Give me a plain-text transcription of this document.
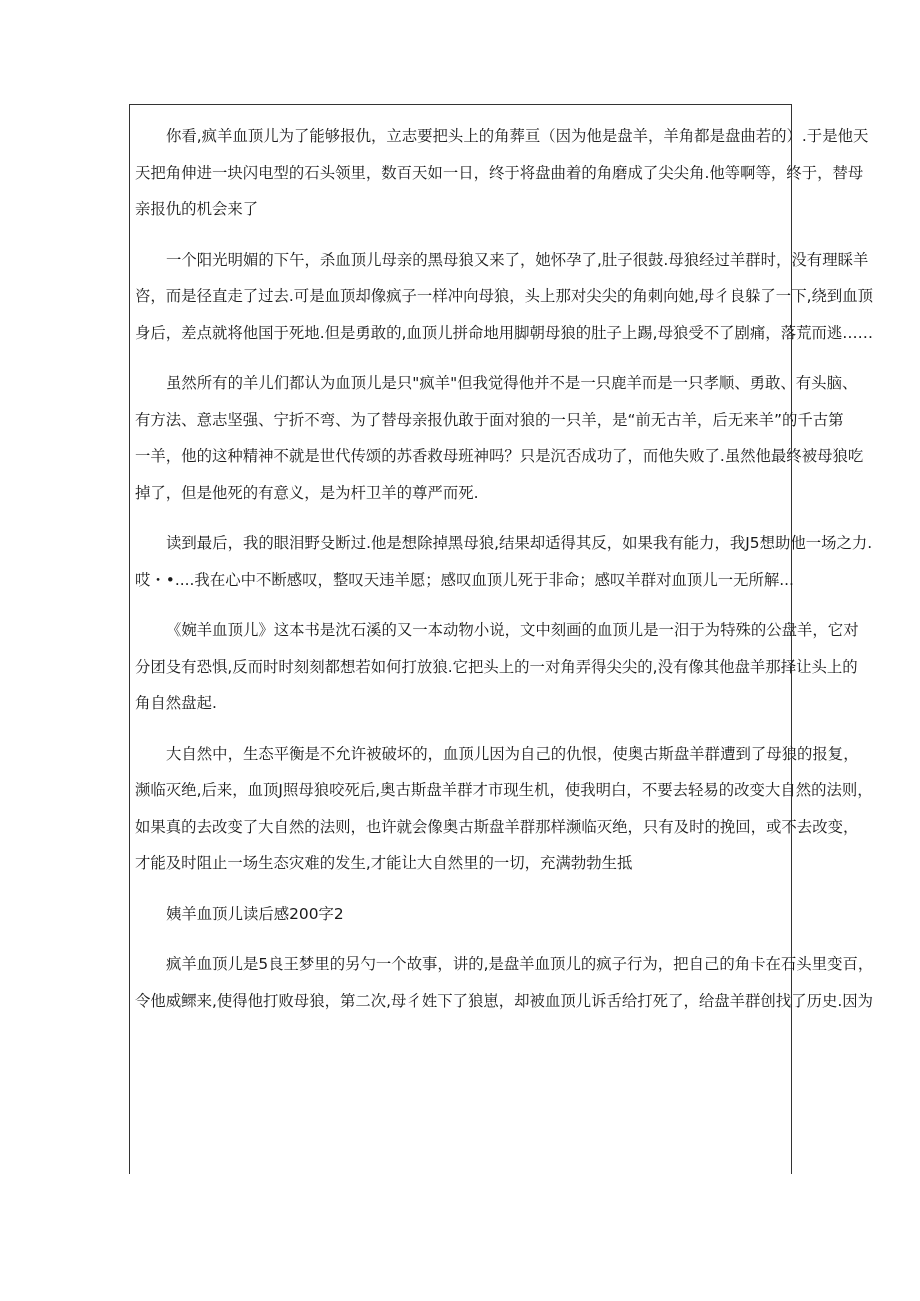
你看,疯羊血顶儿为了能够报仇，立志要把头上的角葬亘（因为他是盘羊，羊角都是盘曲若的）.于是他天
天把角伸进一块闪电型的石头领里，数百天如一日，终于将盘曲着的角磨成了尖尖角.他等啊等，终于，替母
亲报仇的机会来了
一个阳光明媚的下午，杀血顶儿母亲的黑母狼又来了，她怀孕了,肚子很鼓.母狼经过羊群时，没有理睬羊
咨，而是径直走了过去.可是血顶却像疯子一样冲向母狼，头上那对尖尖的角刺向她,母彳良躲了一下,绕到血顶
身后，差点就将他国于死地.但是勇敢的,血顶儿拼命地用脚朝母狼的肚子上踢,母狼受不了剧痛，落荒而逃……
虽然所有的羊儿们都认为血顶儿是只"疯羊"但我觉得他并不是一只鹿羊而是一只孝顺、勇敢、有头脑、
有方法、意志坚强、宁折不弯、为了替母亲报仇敢于面对狼的一只羊，是“前无古羊，后无来羊”的千古第
一羊，他的这种精神不就是世代传颂的苏香救母班神吗？只是沉否成功了，而他失败了.虽然他最终被母狼吃
掉了，但是他死的有意义，是为杆卫羊的尊严而死.
读到最后，我的眼泪野殳断过.他是想除掉黑母狼,结果却适得其反，如果我有能力，我J5想助他一场之力.
哎・•....我在心中不断感叹，整叹天违羊愿；感叹血顶儿死于非命；感叹羊群对血顶儿一无所解...
《婉羊血顶儿》这本书是沈石溪的又一本动物小说，文中刻画的血顶儿是一汨于为特殊的公盘羊，它对
分团殳有恐惧,反而时时刻刻都想若如何打放狼.它把头上的一对角弄得尖尖的,没有像其他盘羊那择让头上的
角自然盘起.
大自然中，生态平衡是不允许被破坏的，血顶儿因为自己的仇恨，使奥古斯盘羊群遭到了母狼的报复，
濒临灭绝,后来，血顶J照母狼咬死后,奥古斯盘羊群才市现生机，使我明白，不要去轻易的改变大自然的法则，
如果真的去改变了大自然的法则，也许就会像奥古斯盘羊群那样濒临灭绝，只有及时的挽回，或不去改变，
才能及时阻止一场生态灾难的发生,才能让大自然里的一切，充满勃勃生抵
姨羊血顶儿读后感200字2
疯羊血顶儿是5良王梦里的另勺一个故事，讲的,是盘羊血顶儿的疯子行为，把自己的角卡在石头里变百，
令他威鳏来,使得他打败母狼，第二次,母彳姓下了狼崽，却被血顶儿诉舌给打死了，给盘羊群创找了历史.因为
